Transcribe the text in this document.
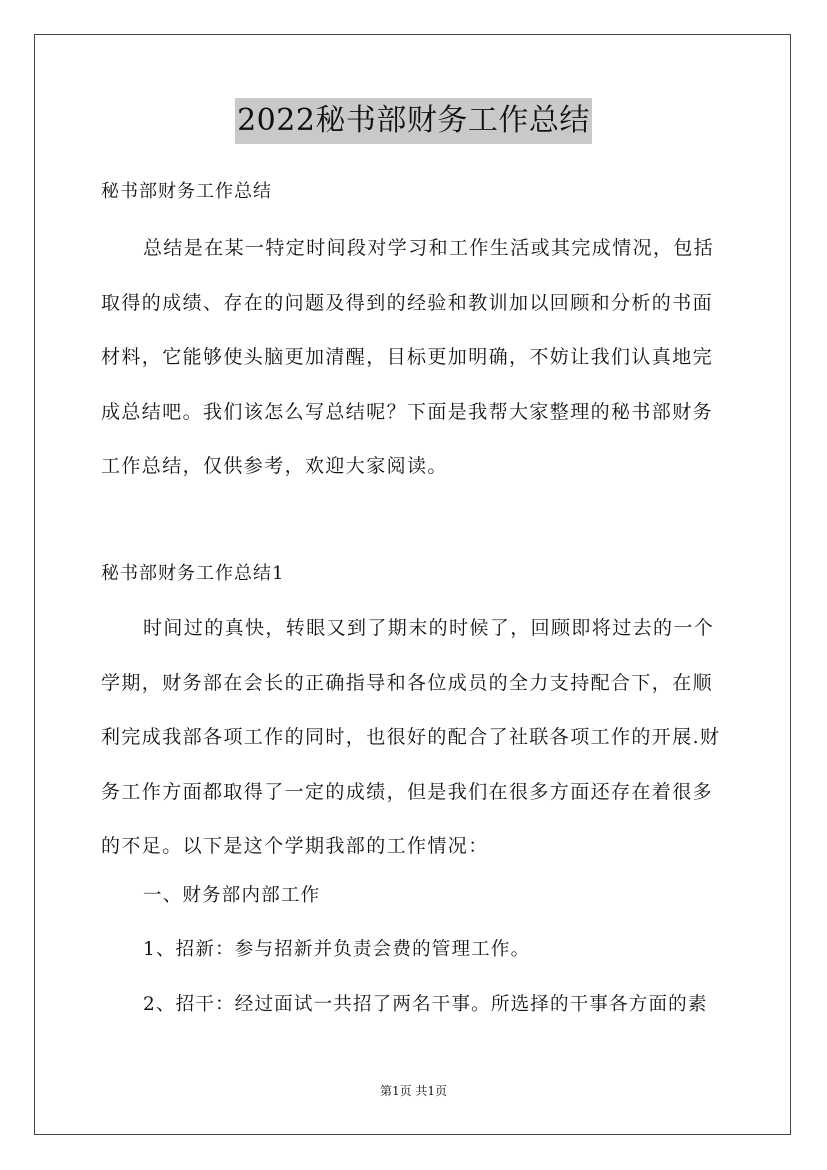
2022秘书部财务工作总结
秘书部财务工作总结
总结是在某一特定时间段对学习和工作生活或其完成情况，包括
取得的成绩、存在的问题及得到的经验和教训加以回顾和分析的书面
材料，它能够使头脑更加清醒，目标更加明确，不妨让我们认真地完
成总结吧。我们该怎么写总结呢？下面是我帮大家整理的秘书部财务
工作总结，仅供参考，欢迎大家阅读。
秘书部财务工作总结1
时间过的真快，转眼又到了期末的时候了，回顾即将过去的一个
学期，财务部在会长的正确指导和各位成员的全力支持配合下，在顺
利完成我部各项工作的同时，也很好的配合了社联各项工作的开展.财
务工作方面都取得了一定的成绩，但是我们在很多方面还存在着很多
的不足。以下是这个学期我部的工作情况：
一、财务部内部工作
1、招新：参与招新并负责会费的管理工作。
2、招干：经过面试一共招了两名干事。所选择的干事各方面的素
第1页 共1页
